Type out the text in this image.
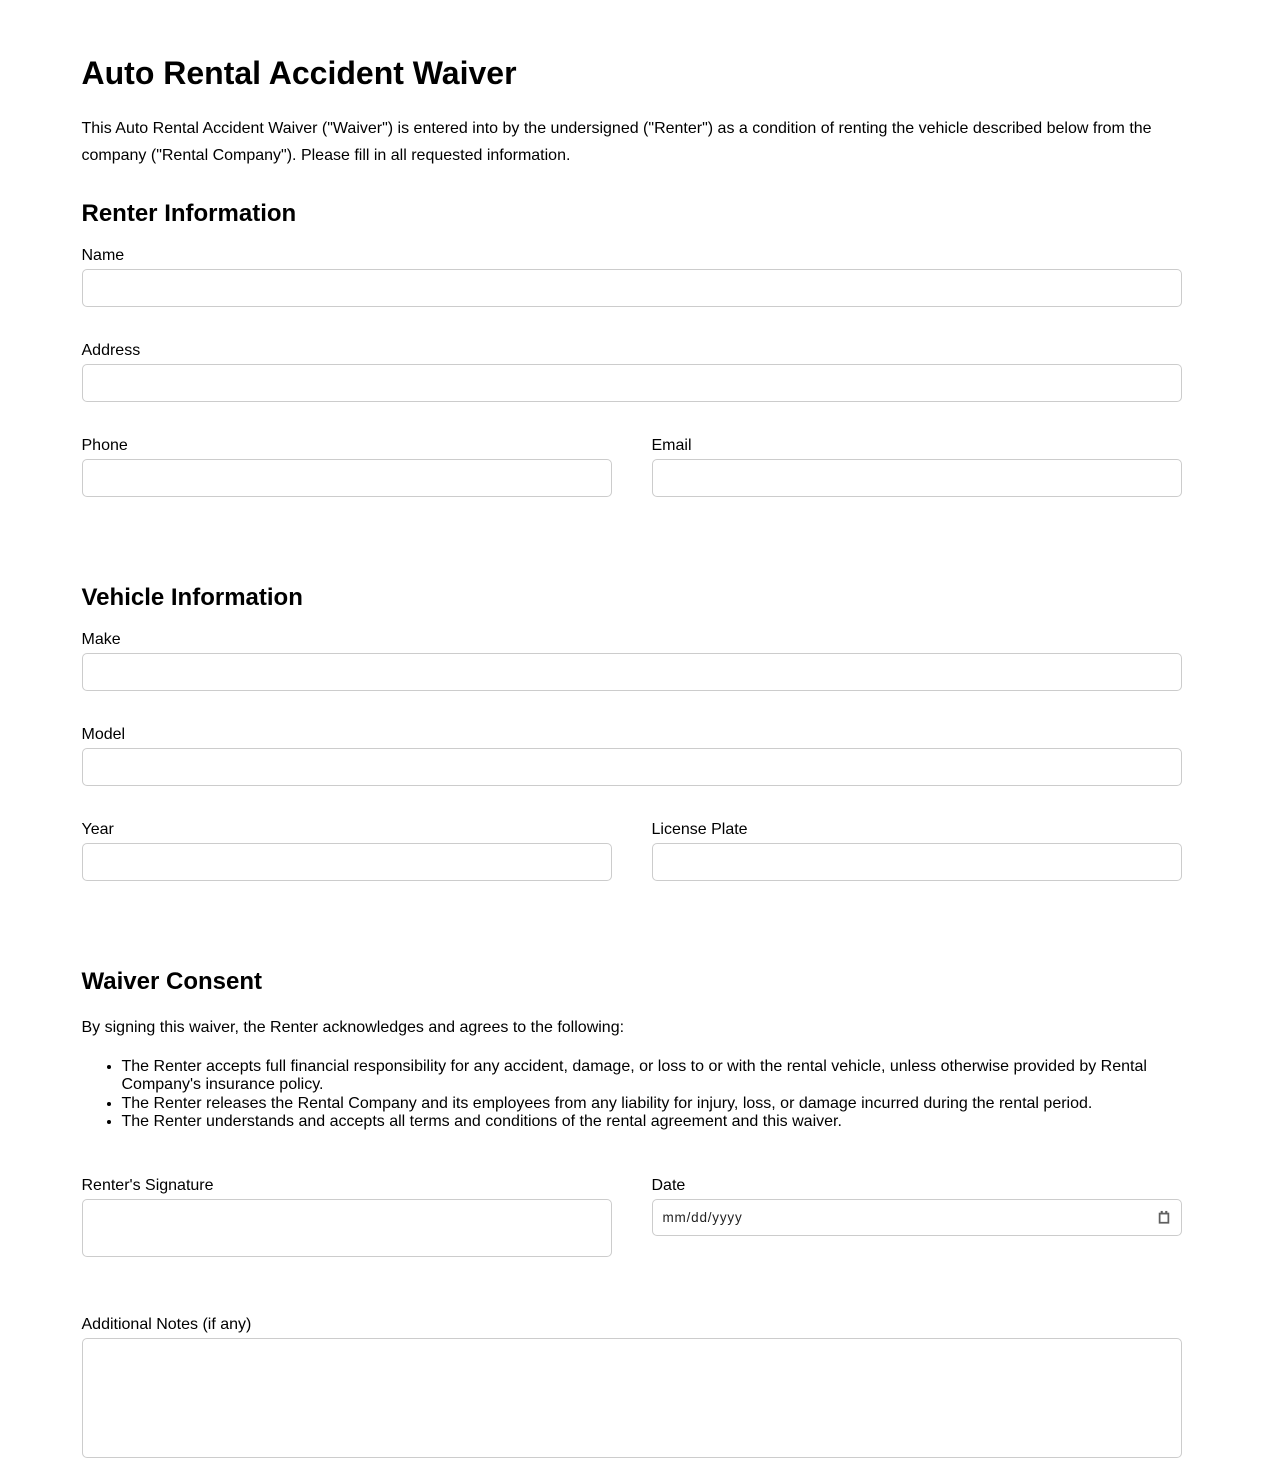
Auto Rental Accident Waiver

This Auto Rental Accident Waiver ("Waiver") is entered into by the undersigned ("Renter") as a condition of renting the vehicle described below from the company ("Rental Company"). Please fill in all requested information.

Renter Information
Name
Address
Phone	Email
Vehicle Information
Make
Model
Year	License Plate
Waiver Consent

By signing this waiver, the Renter acknowledges and agrees to the following:

• The Renter accepts full financial responsibility for any accident, damage, or loss to or with the rental vehicle, unless otherwise provided by Rental Company's insurance policy.
• The Renter releases the Rental Company and its employees from any liability for injury, loss, or damage incurred during the rental period.
• The Renter understands and accepts all terms and conditions of the rental agreement and this waiver.
Renter's Signature	Date
mm/dd/yyyy
Additional Notes (if any)
